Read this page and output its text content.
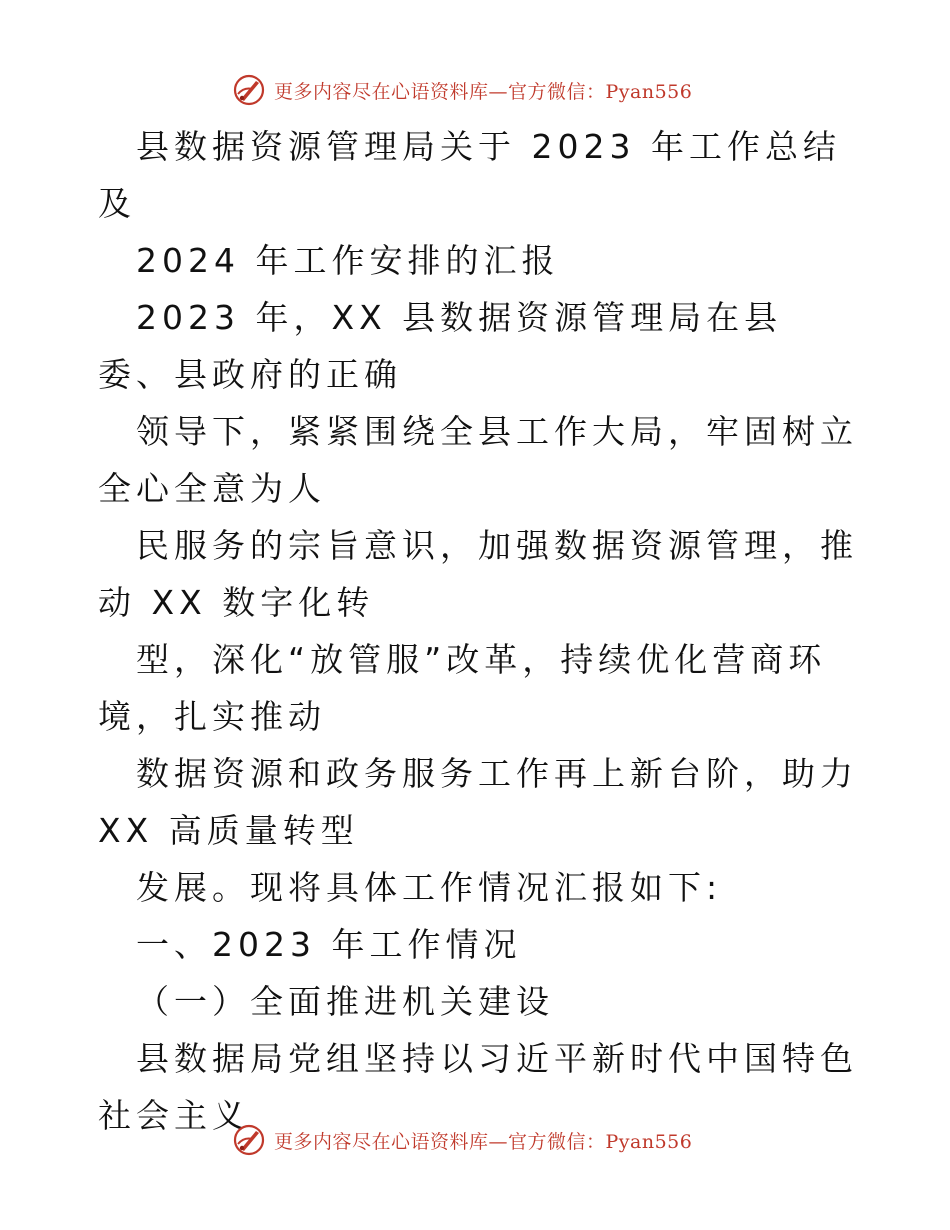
更多内容尽在心语资料库—官方微信：Pyan556

县数据资源管理局关于 2023 年工作总结及

2024 年工作安排的汇报

2023 年，XX 县数据资源管理局在县委、县政府的正确

领导下，紧紧围绕全县工作大局，牢固树立全心全意为人

民服务的宗旨意识，加强数据资源管理，推动 XX 数字化转

型，深化“放管服”改革，持续优化营商环境，扎实推动

数据资源和政务服务工作再上新台阶，助力 XX 高质量转型

发展。现将具体工作情况汇报如下:

一、2023 年工作情况

（一）全面推进机关建设

县数据局党组坚持以习近平新时代中国特色社会主义

更多内容尽在心语资料库—官方微信：Pyan556
